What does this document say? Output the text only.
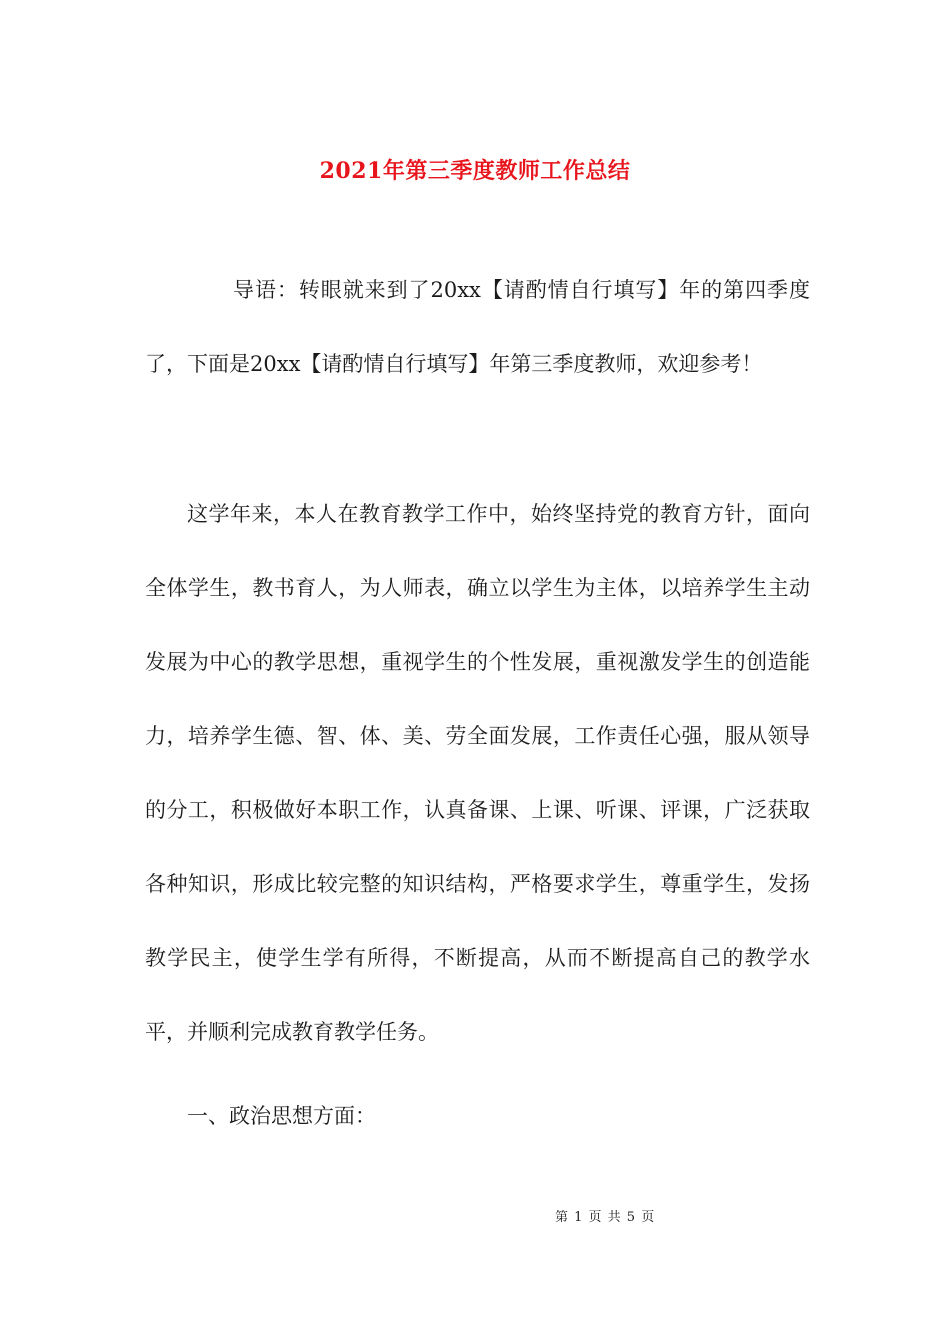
2021年第三季度教师工作总结

导语：转眼就来到了20xx【请酌情自行填写】年的第四季度了，下面是20xx【请酌情自行填写】年第三季度教师，欢迎参考！

这学年来，本人在教育教学工作中，始终坚持党的教育方针，面向全体学生，教书育人，为人师表，确立以学生为主体，以培养学生主动发展为中心的教学思想，重视学生的个性发展，重视激发学生的创造能力，培养学生德、智、体、美、劳全面发展，工作责任心强，服从领导的分工，积极做好本职工作，认真备课、上课、听课、评课，广泛获取各种知识，形成比较完整的知识结构，严格要求学生，尊重学生，发扬教学民主，使学生学有所得，不断提高，从而不断提高自己的教学水平，并顺利完成教育教学任务。

一、政治思想方面：

第 1 页 共 5 页
